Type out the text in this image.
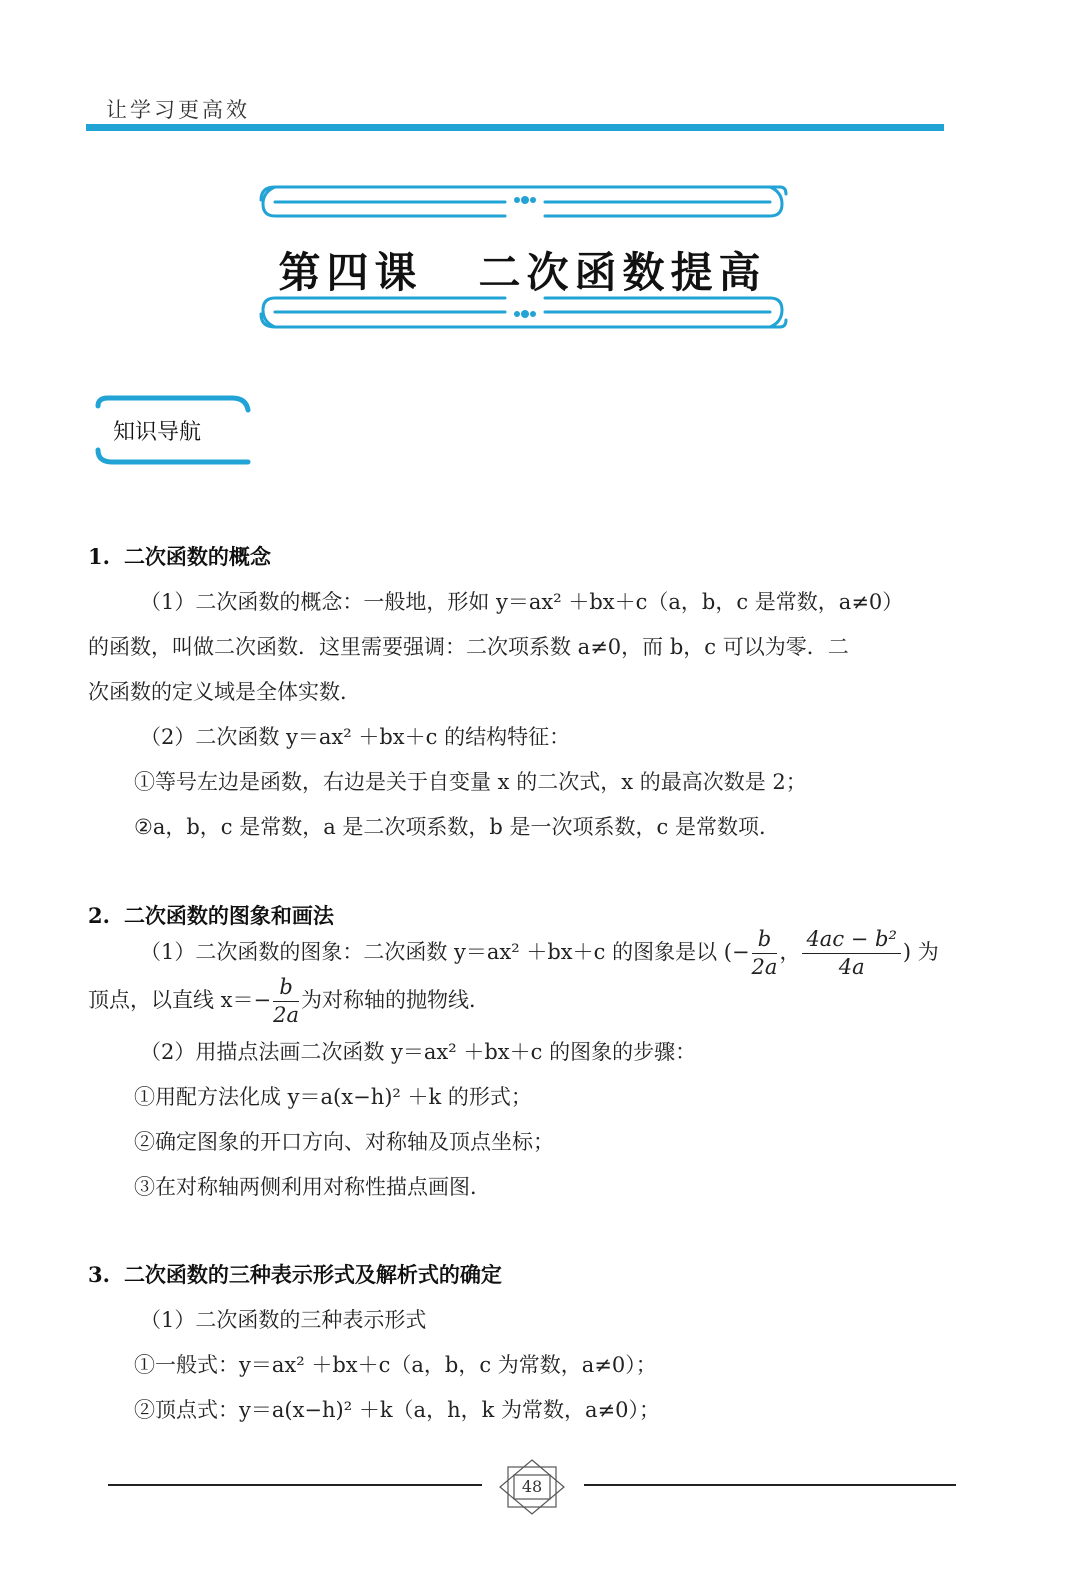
让学习更高效
第四课 二次函数提高
知识导航
1. 二次函数的概念
（1）二次函数的概念：一般地，形如 y＝ax² ＋bx＋c（a，b，c 是常数，a≠0）
的函数，叫做二次函数．这里需要强调：二次项系数 a≠0，而 b，c 可以为零．二
次函数的定义域是全体实数．
（2）二次函数 y＝ax² ＋bx＋c 的结构特征：
①等号左边是函数，右边是关于自变量 x 的二次式，x 的最高次数是 2；
②a，b，c 是常数，a 是二次项系数，b 是一次项系数，c 是常数项．
2. 二次函数的图象和画法
（1）二次函数的图象：二次函数 y＝ax² ＋bx＋c 的图象是以 (− $\frac{b}{2a}$ ， $\frac{\text{4ac − b²}}{4a}$ ) 为
顶点，以直线 $x=- \frac{b}{2a}$ 为对称轴的抛物线．
（2）用描点法画二次函数 y＝ax² ＋bx＋c 的图象的步骤：
①用配方法化成 y＝a(x−h)² ＋k 的形式；
②确定图象的开口方向、对称轴及顶点坐标；
③在对称轴两侧利用对称性描点画图．
3. 二次函数的三种表示形式及解析式的确定
（1）二次函数的三种表示形式
①一般式：y＝ax² ＋bx＋c（a，b，c 为常数，a≠0）；
②顶点式：y＝a(x−h)² ＋k（a，h，k 为常数，a≠0）；
48
